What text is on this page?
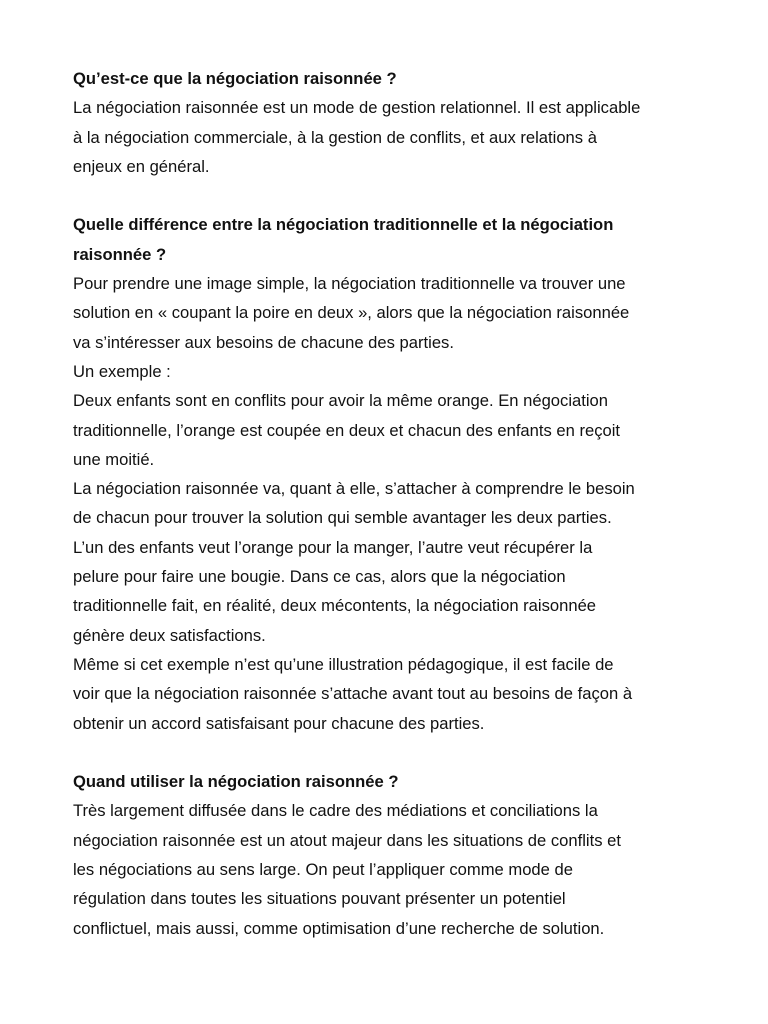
Qu’est-ce que la négociation raisonnée ?

La négociation raisonnée est un mode de gestion relationnel. Il est applicable

à la négociation commerciale, à la gestion de conflits, et aux relations à

enjeux en général.

Quelle différence entre la négociation traditionnelle et la négociation

raisonnée ?

Pour prendre une image simple, la négociation traditionnelle va trouver une

solution en « coupant la poire en deux », alors que la négociation raisonnée

va s’intéresser aux besoins de chacune des parties.

Un exemple :

Deux enfants sont en conflits pour avoir la même orange. En négociation

traditionnelle, l’orange est coupée en deux et chacun des enfants en reçoit

une moitié.

La négociation raisonnée va, quant à elle, s’attacher à comprendre le besoin

de chacun pour trouver la solution qui semble avantager les deux parties.

L’un des enfants veut l’orange pour la manger, l’autre veut récupérer la

pelure pour faire une bougie. Dans ce cas, alors que la négociation

traditionnelle fait, en réalité, deux mécontents, la négociation raisonnée

génère deux satisfactions.

Même si cet exemple n’est qu’une illustration pédagogique, il est facile de

voir que la négociation raisonnée s’attache avant tout au besoins de façon à

obtenir un accord satisfaisant pour chacune des parties.

Quand utiliser la négociation raisonnée ?

Très largement diffusée dans le cadre des médiations et conciliations la

négociation raisonnée est un atout majeur dans les situations de conflits et

les négociations au sens large. On peut l’appliquer comme mode de

régulation dans toutes les situations pouvant présenter un potentiel

conflictuel, mais aussi, comme optimisation d’une recherche de solution.
